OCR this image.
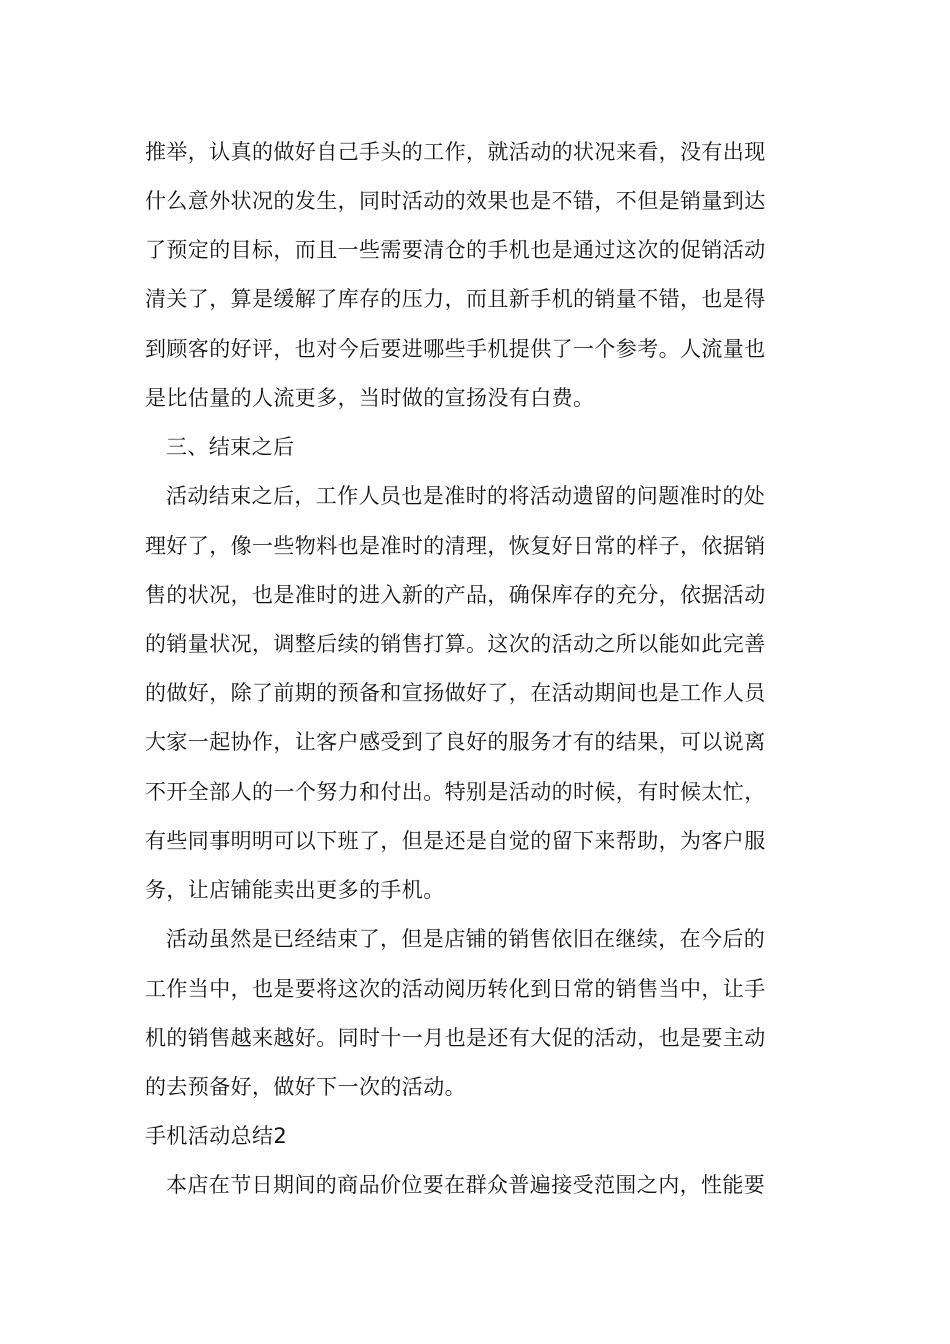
推举，认真的做好自己手头的工作，就活动的状况来看，没有出现
什么意外状况的发生，同时活动的效果也是不错，不但是销量到达
了预定的目标，而且一些需要清仓的手机也是通过这次的促销活动
清关了，算是缓解了库存的压力，而且新手机的销量不错，也是得
到顾客的好评，也对今后要进哪些手机提供了一个参考。人流量也
是比估量的人流更多，当时做的宣扬没有白费。
三、结束之后
活动结束之后，工作人员也是准时的将活动遗留的问题准时的处
理好了，像一些物料也是准时的清理，恢复好日常的样子，依据销
售的状况，也是准时的进入新的产品，确保库存的充分，依据活动
的销量状况，调整后续的销售打算。这次的活动之所以能如此完善
的做好，除了前期的预备和宣扬做好了，在活动期间也是工作人员
大家一起协作，让客户感受到了良好的服务才有的结果，可以说离
不开全部人的一个努力和付出。特别是活动的时候，有时候太忙，
有些同事明明可以下班了，但是还是自觉的留下来帮助，为客户服
务，让店铺能卖出更多的手机。
活动虽然是已经结束了，但是店铺的销售依旧在继续，在今后的
工作当中，也是要将这次的活动阅历转化到日常的销售当中，让手
机的销售越来越好。同时十一月也是还有大促的活动，也是要主动
的去预备好，做好下一次的活动。
手机活动总结2
本店在节日期间的商品价位要在群众普遍接受范围之内，性能要
